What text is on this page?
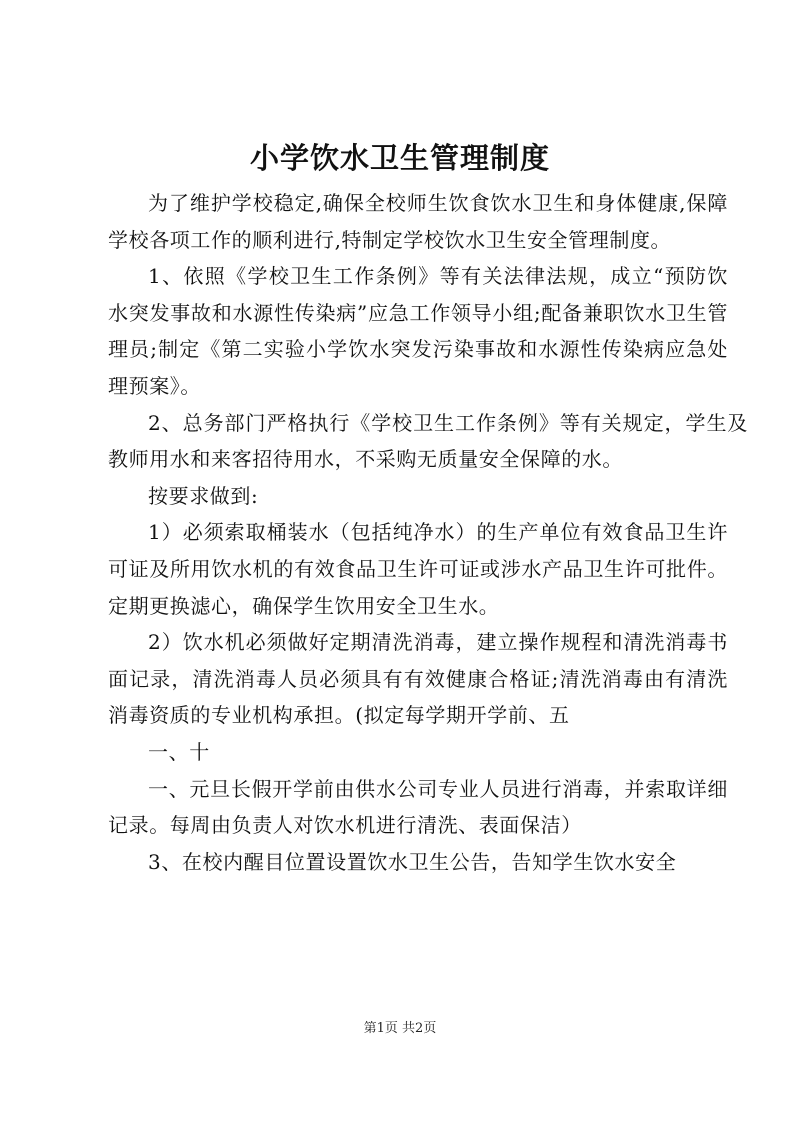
小学饮水卫生管理制度

为了维护学校稳定,确保全校师生饮食饮水卫生和身体健康,保障学校各项工作的顺利进行,特制定学校饮水卫生安全管理制度。

1、依照《学校卫生工作条例》等有关法律法规，成立“预防饮水突发事故和水源性传染病”应急工作领导小组;配备兼职饮水卫生管理员;制定《第二实验小学饮水突发污染事故和水源性传染病应急处理预案》。

2、总务部门严格执行《学校卫生工作条例》等有关规定，学生及教师用水和来客招待用水，不采购无质量安全保障的水。

按要求做到:

1）必须索取桶装水（包括纯净水）的生产单位有效食品卫生许可证及所用饮水机的有效食品卫生许可证或涉水产品卫生许可批件。定期更换滤心，确保学生饮用安全卫生水。

2）饮水机必须做好定期清洗消毒，建立操作规程和清洗消毒书面记录，清洗消毒人员必须具有有效健康合格证;清洗消毒由有清洗消毒资质的专业机构承担。(拟定每学期开学前、五

一、十

一、元旦长假开学前由供水公司专业人员进行消毒，并索取详细记录。每周由负责人对饮水机进行清洗、表面保洁）

3、在校内醒目位置设置饮水卫生公告，告知学生饮水安全

第1页 共2页
